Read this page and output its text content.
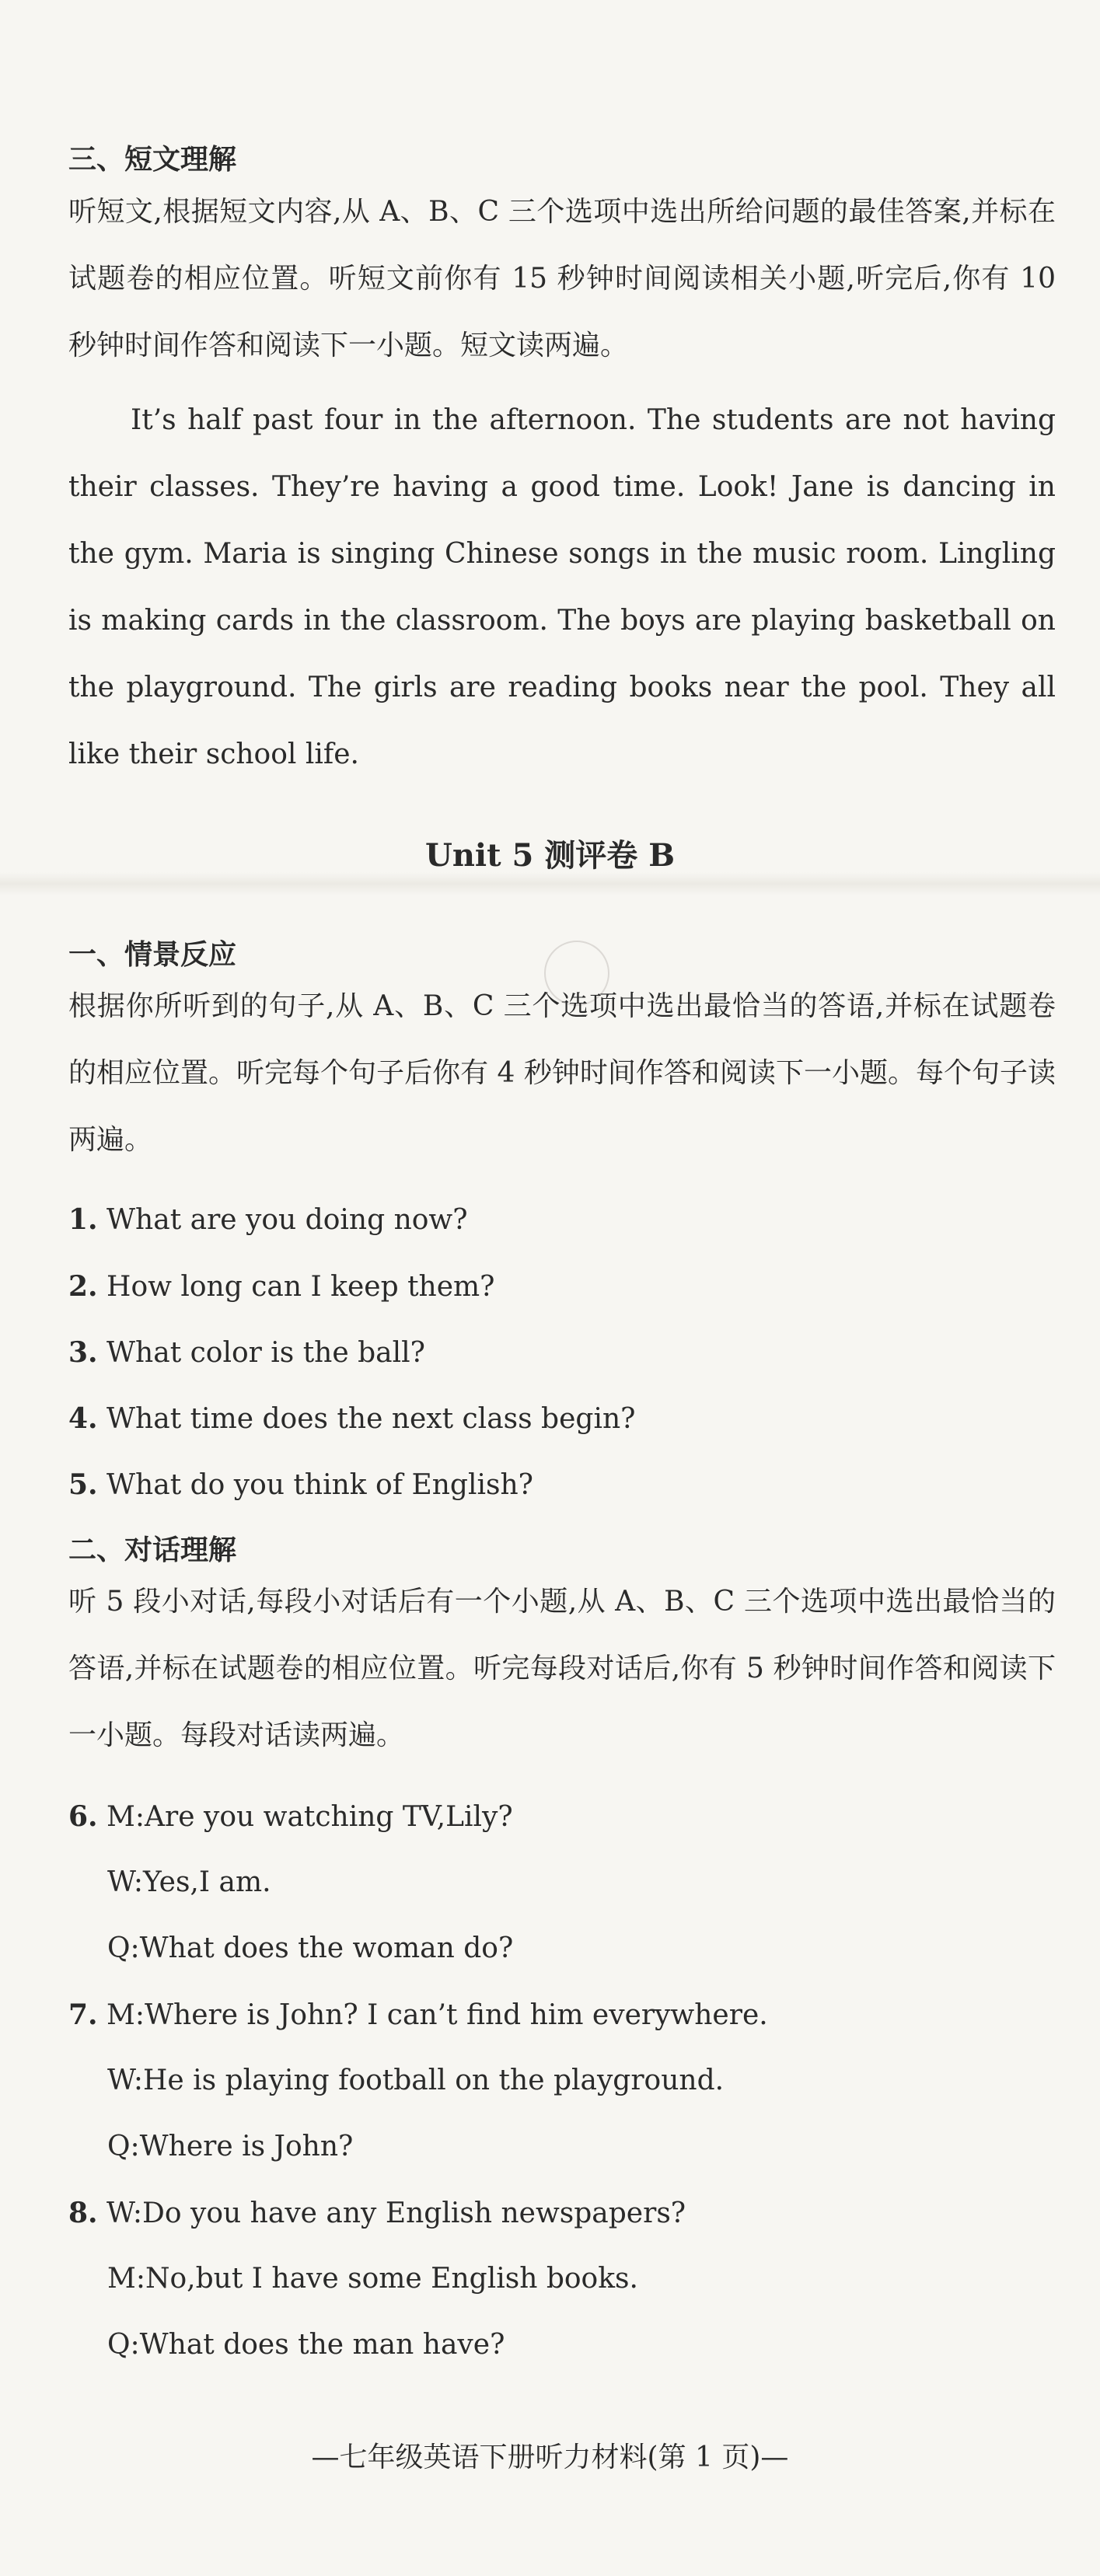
三、短文理解

听短文,根据短文内容,从 A、B、C 三个选项中选出所给问题的最佳答案,并标在试题卷的相应位置。听短文前你有 15 秒钟时间阅读相关小题,听完后,你有 10 秒钟时间作答和阅读下一小题。短文读两遍。

It’s half past four in the afternoon. The students are not having their classes. They’re having a good time. Look! Jane is dancing in the gym. Maria is singing Chinese songs in the music room. Lingling is making cards in the classroom. The boys are playing basketball on the playground. The girls are reading books near the pool. They all like their school life.

Unit 5 测评卷 B
一、情景反应

根据你所听到的句子,从 A、B、C 三个选项中选出最恰当的答语,并标在试题卷的相应位置。听完每个句子后你有 4 秒钟时间作答和阅读下一小题。每个句子读两遍。

1. What are you doing now?
2. How long can I keep them?
3. What color is the ball?
4. What time does the next class begin?
5. What do you think of English?
二、对话理解

听 5 段小对话,每段小对话后有一个小题,从 A、B、C 三个选项中选出最恰当的答语,并标在试题卷的相应位置。听完每段对话后,你有 5 秒钟时间作答和阅读下一小题。每段对话读两遍。

6. M:Are you watching TV,Lily?
W:Yes,I am.
Q:What does the woman do?
7. M:Where is John? I can’t find him everywhere.
W:He is playing football on the playground.
Q:Where is John?
8. W:Do you have any English newspapers?
M:No,but I have some English books.
Q:What does the man have?
—七年级英语下册听力材料(第 1 页)—
